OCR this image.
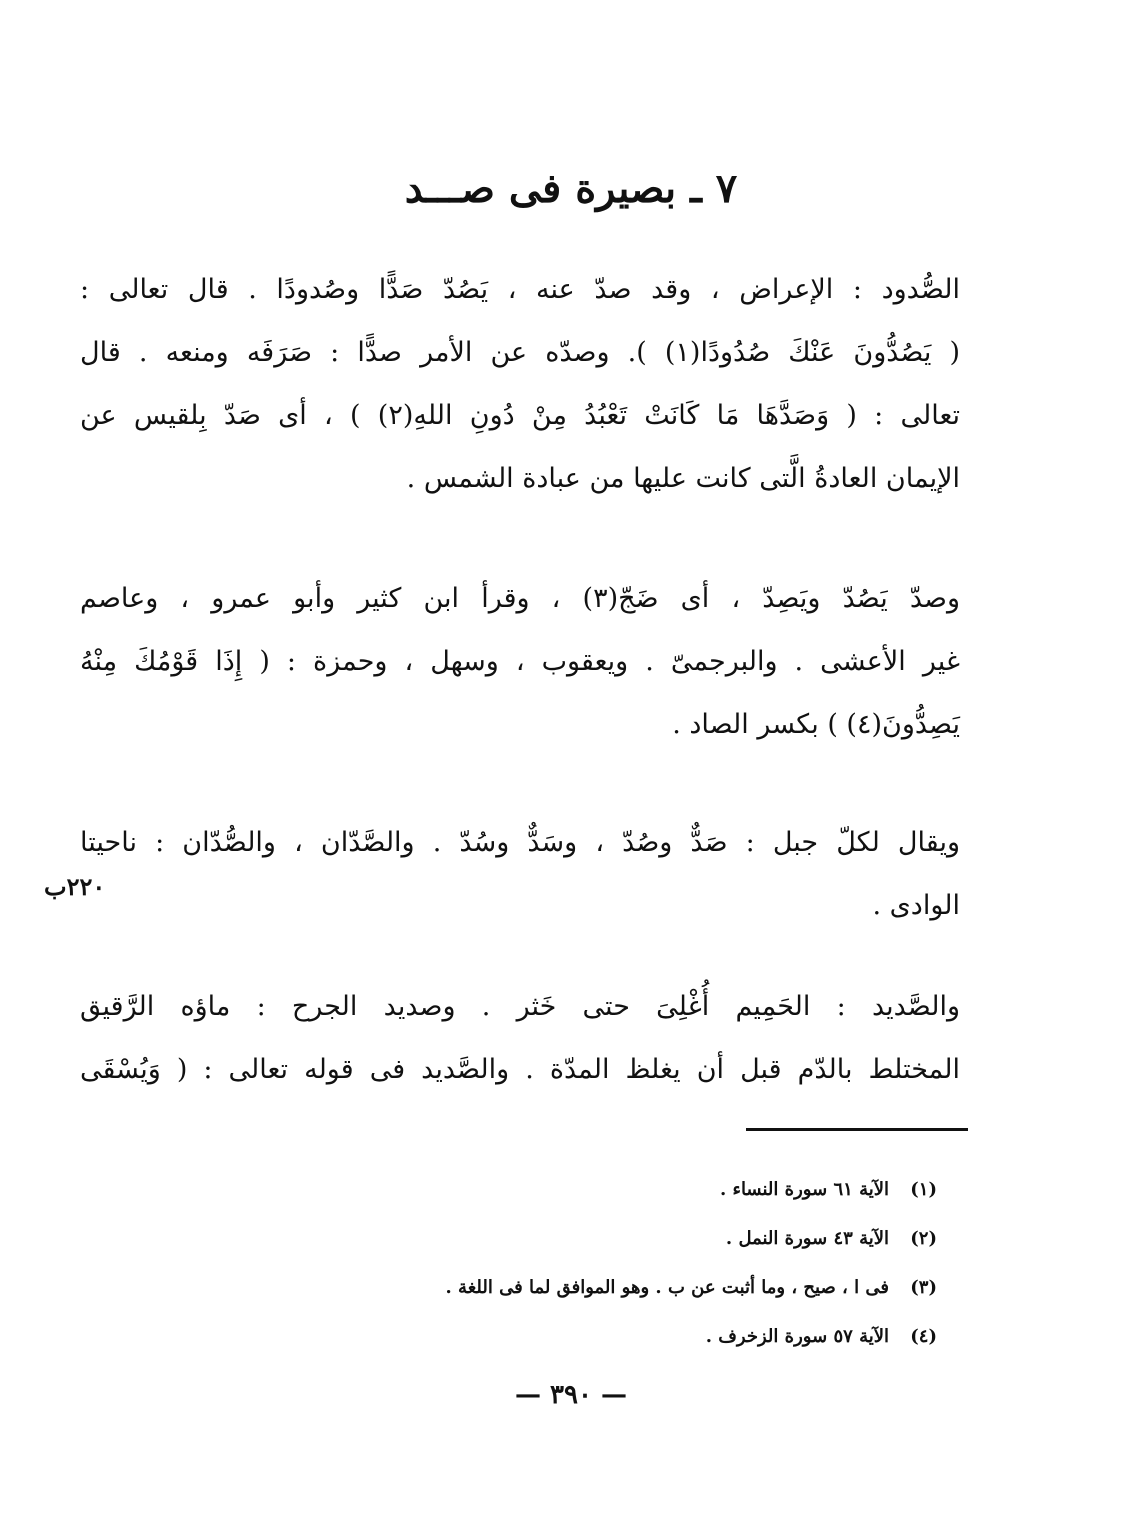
٧ ـ بصيرة فى صـــد
الصُّدود : الإعراض ، وقد صدّ عنه ، يَصُدّ صَدًّا وصُدودًا . قال تعالى :
( يَصُدُّونَ عَنْكَ صُدُودًا(١) ). وصدّه عن الأمر صدًّا : صَرَفَه ومنعه . قال
تعالى : ( وَصَدَّهَا مَا كَانَتْ تَعْبُدُ مِنْ دُونِ اللهِ(٢) ) ، أى صَدّ بِلقيس عن
الإيمان العادةُ الَّتى كانت عليها من عبادة الشمس .
وصدّ يَصُدّ ويَصِدّ ، أى ضَجّ(٣) ، وقرأ ابن كثير وأبو عمرو ، وعاصم
غير الأعشى . والبرجمىّ . ويعقوب ، وسهل ، وحمزة : ( إِذَا قَوْمُكَ مِنْهُ
يَصِدُّونَ(٤) ) بكسر الصاد .
ويقال لكلّ جبل : صَدٌّ وصُدّ ، وسَدٌّ وسُدّ . والصَّدّان ، والصُّدّان : ناحيتا
الوادى .
٢٢٠ب
والصَّديد : الحَمِيم أُغْلِىَ حتى خَثر . وصديد الجرح : ماؤه الرَّقيق
المختلط بالدّم قبل أن يغلظ المدّة . والصَّديد فى قوله تعالى : ( وَيُسْقَى
(١)الآية ٦١ سورة النساء .
(٢)الآية ٤٣ سورة النمل .
(٣)فى ا ، صيح ، وما أثبت عن ب . وهو الموافق لما فى اللغة .
(٤)الآية ٥٧ سورة الزخرف .
— ٣٩٠ —
